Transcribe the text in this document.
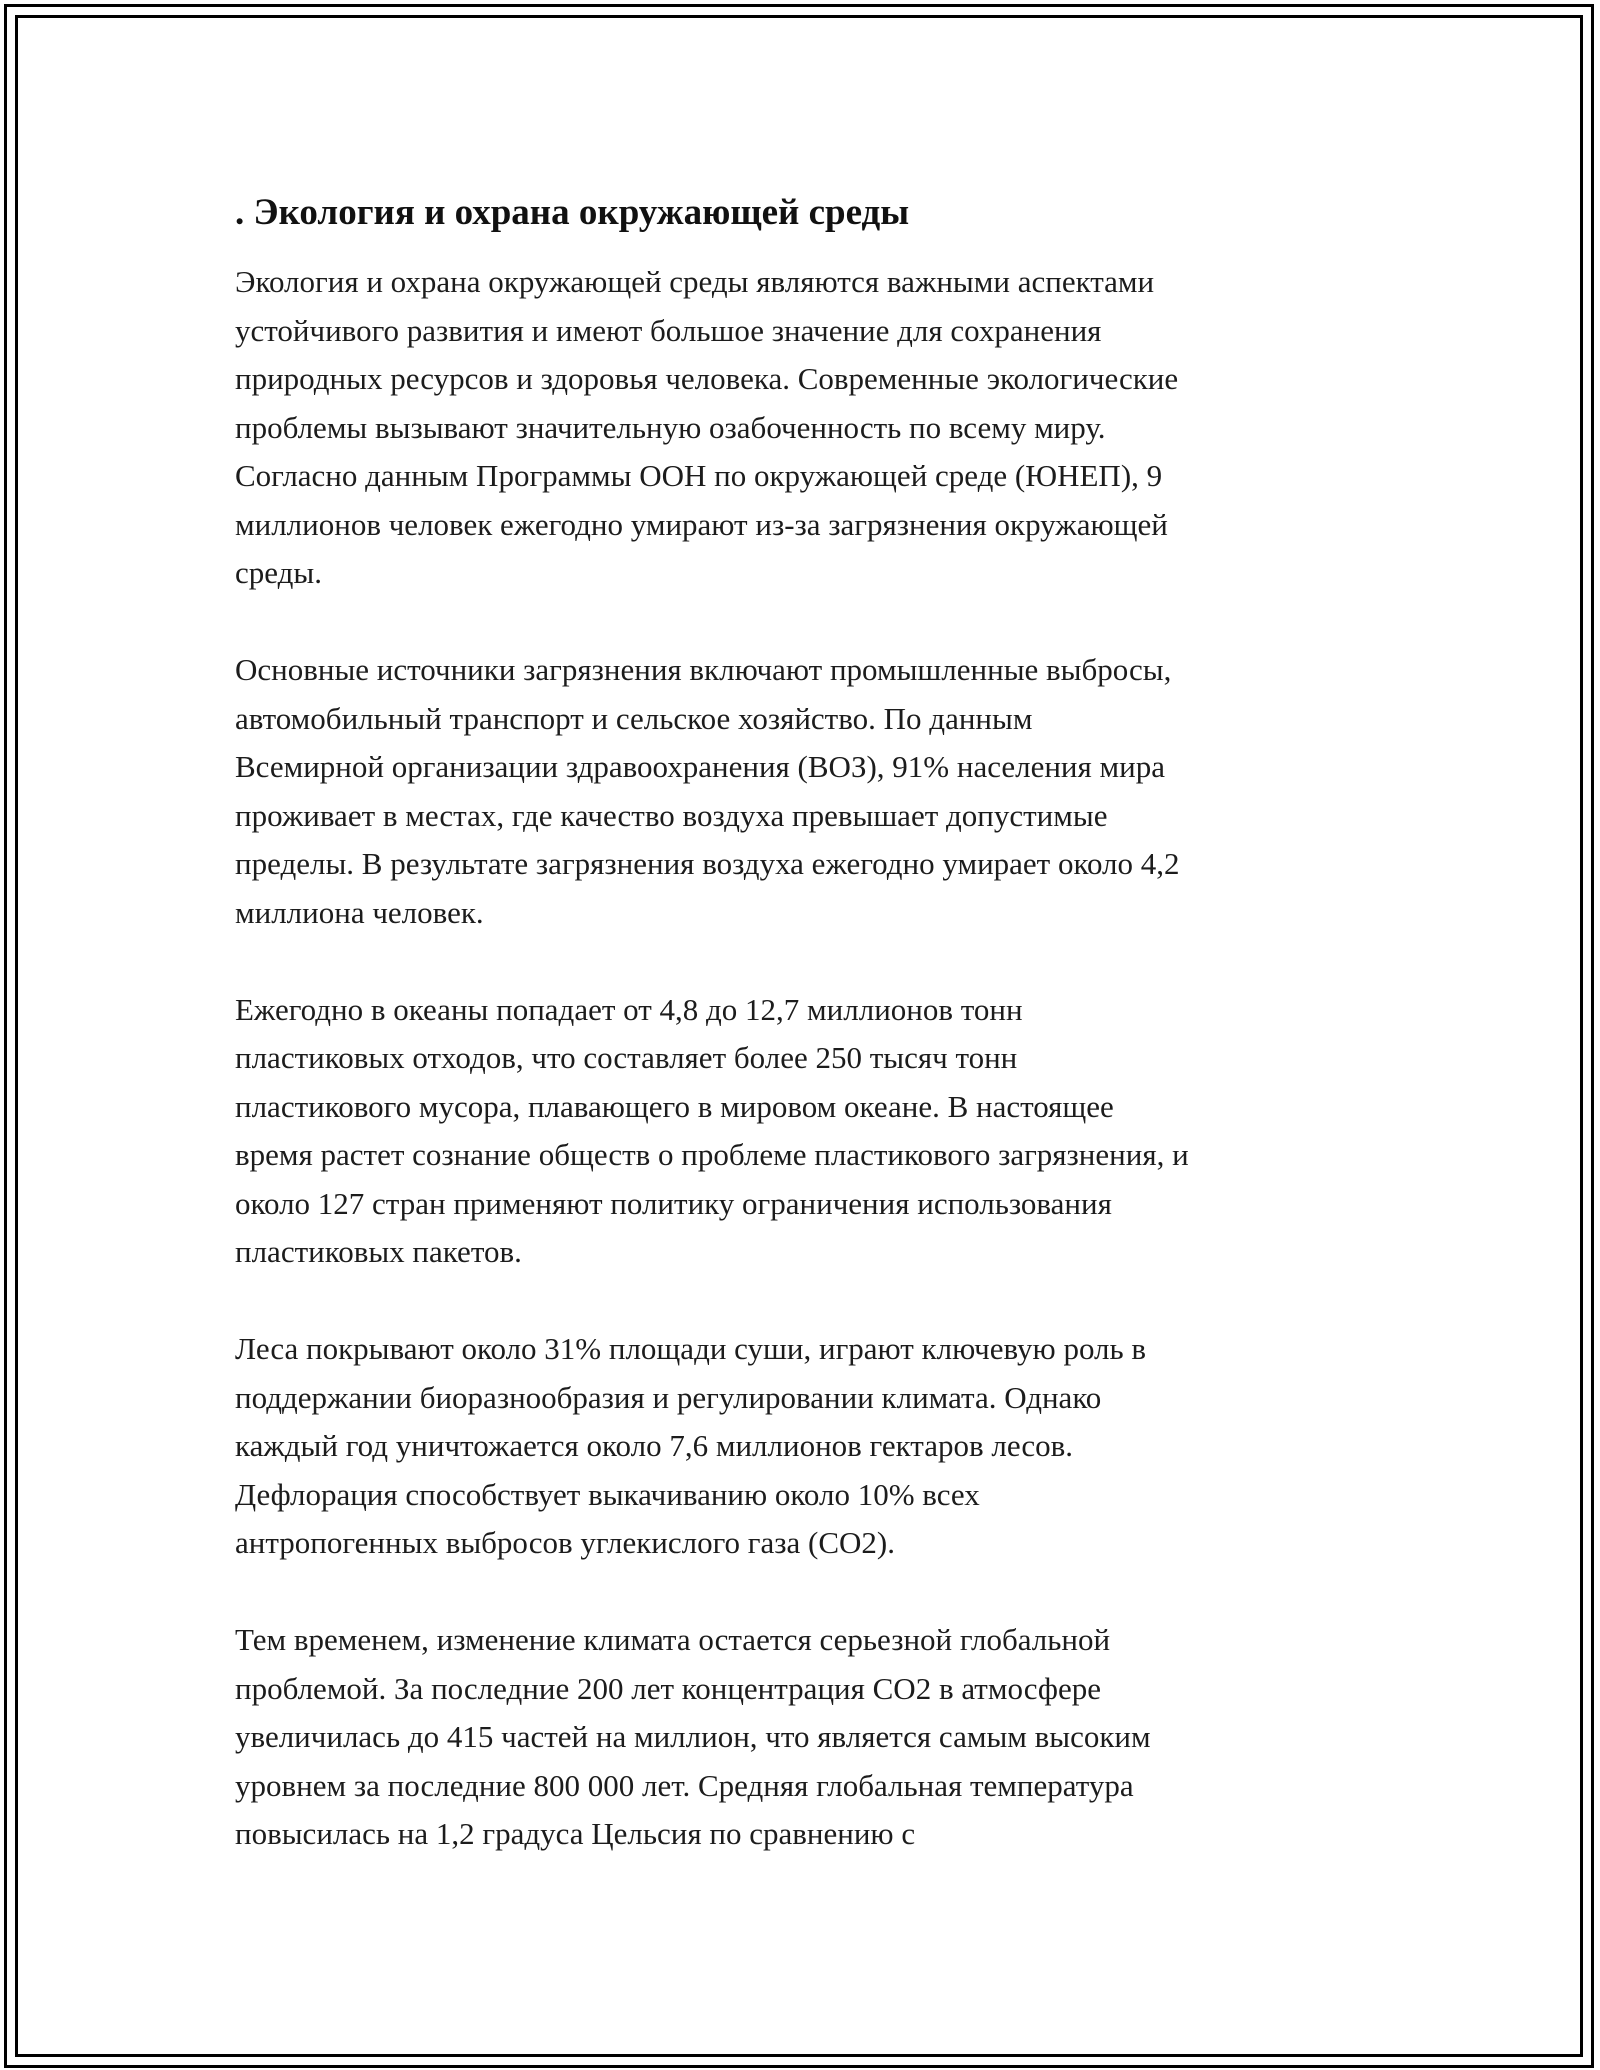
. Экология и охрана окружающей среды

Экология и охрана окружающей среды являются важными аспектами
устойчивого развития и имеют большое значение для сохранения
природных ресурсов и здоровья человека. Современные экологические
проблемы вызывают значительную озабоченность по всему миру.
Согласно данным Программы ООН по окружающей среде (ЮНЕП), 9
миллионов человек ежегодно умирают из-за загрязнения окружающей
среды.

Основные источники загрязнения включают промышленные выбросы,
автомобильный транспорт и сельское хозяйство. По данным
Всемирной организации здравоохранения (ВОЗ), 91% населения мира
проживает в местах, где качество воздуха превышает допустимые
пределы. В результате загрязнения воздуха ежегодно умирает около 4,2
миллиона человек.

Ежегодно в океаны попадает от 4,8 до 12,7 миллионов тонн
пластиковых отходов, что составляет более 250 тысяч тонн
пластикового мусора, плавающего в мировом океане. В настоящее
время растет сознание обществ о проблеме пластикового загрязнения, и
около 127 стран применяют политику ограничения использования
пластиковых пакетов.

Леса покрывают около 31% площади суши, играют ключевую роль в
поддержании биоразнообразия и регулировании климата. Однако
каждый год уничтожается около 7,6 миллионов гектаров лесов.
Дефлорация способствует выкачиванию около 10% всех
антропогенных выбросов углекислого газа (CO2).

Тем временем, изменение климата остается серьезной глобальной
проблемой. За последние 200 лет концентрация CO2 в атмосфере
увеличилась до 415 частей на миллион, что является самым высоким
уровнем за последние 800 000 лет. Средняя глобальная температура
повысилась на 1,2 градуса Цельсия по сравнению с
